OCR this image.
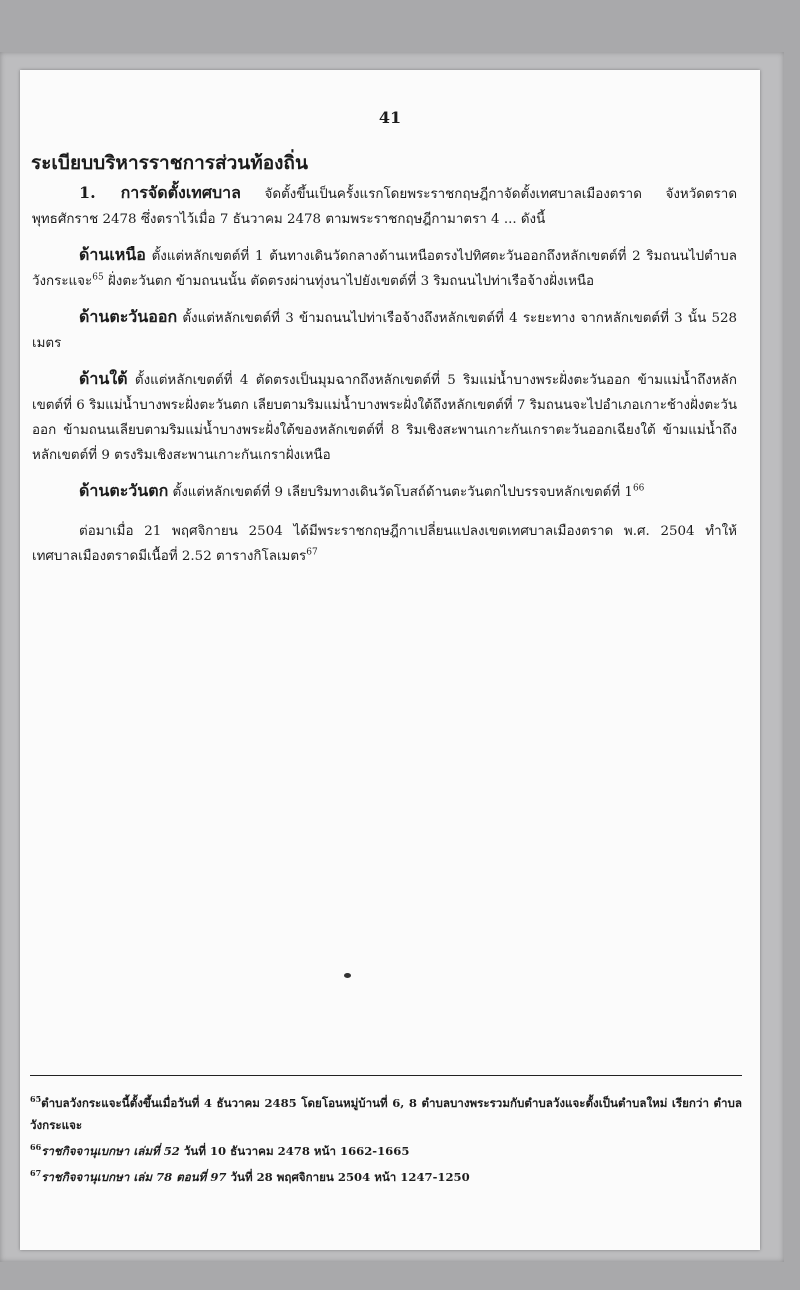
41
ระเบียบบริหารราชการส่วนท้องถิ่น

1. การจัดตั้งเทศบาล จัดตั้งขึ้นเป็นครั้งแรกโดยพระราชกฤษฎีกาจัดตั้งเทศบาลเมืองตราด จังหวัดตราด พุทธศักราช 2478 ซึ่งตราไว้เมื่อ 7 ธันวาคม 2478 ตามพระราชกฤษฎีกามาตรา 4 ... ดังนี้

ด้านเหนือ ตั้งแต่หลักเขตต์ที่ 1 ต้นทางเดินวัดกลางด้านเหนือตรงไปทิศตะวันออกถึงหลักเขตต์ที่ 2 ริมถนนไปตำบลวังกระแจะ$^{65}$ ฝั่งตะวันตก ข้ามถนนนั้น ตัดตรงผ่านทุ่งนาไปยังเขตต์ที่ 3 ริมถนนไปท่าเรือจ้างฝั่งเหนือ

ด้านตะวันออก ตั้งแต่หลักเขตต์ที่ 3 ข้ามถนนไปท่าเรือจ้างถึงหลักเขตต์ที่ 4 ระยะทาง จากหลักเขตต์ที่ 3 นั้น 528 เมตร

ด้านใต้ ตั้งแต่หลักเขตต์ที่ 4 ตัดตรงเป็นมุมฉากถึงหลักเขตต์ที่ 5 ริมแม่น้ำบางพระฝั่งตะวันออก ข้ามแม่น้ำถึงหลักเขตต์ที่ 6 ริมแม่น้ำบางพระฝั่งตะวันตก เลียบตามริมแม่น้ำบางพระฝั่งใต้ถึงหลักเขตต์ที่ 7 ริมถนนจะไปอำเภอเกาะช้างฝั่งตะวันออก ข้ามถนนเลียบตามริมแม่น้ำบางพระฝั่งใต้ของหลักเขตต์ที่ 8 ริมเชิงสะพานเกาะกันเกราตะวันออกเฉียงใต้ ข้ามแม่น้ำถึงหลักเขตต์ที่ 9 ตรงริมเชิงสะพานเกาะกันเกราฝั่งเหนือ

ด้านตะวันตก ตั้งแต่หลักเขตต์ที่ 9 เลียบริมทางเดินวัดโบสถ์ด้านตะวันตกไปบรรจบหลักเขตต์ที่ $1^{66}$

ต่อมาเมื่อ 21 พฤศจิกายน 2504 ได้มีพระราชกฤษฎีกาเปลี่ยนแปลงเขตเทศบาลเมืองตราด พ.ศ. 2504 ทำให้เทศบาลเมืองตราดมีเนื้อที่ 2.52 ตารางกิโลเมตร$^{67}$

$^{65}$ตำบลวังกระแจะนี้ตั้งขึ้นเมื่อวันที่ 4 ธันวาคม 2485 โดยโอนหมู่บ้านที่ 6, 8 ตำบลบางพระรวมกับตำบลวังแจะตั้งเป็นตำบลใหม่ เรียกว่า ตำบลวังกระแจะ

$^{66}$ราชกิจจานุเบกษา เล่มที่ 52 วันที่ 10 ธันวาคม 2478 หน้า 1662-1665

$^{67}$ราชกิจจานุเบกษา เล่ม 78 ตอนที่ 97 วันที่ 28 พฤศจิกายน 2504 หน้า 1247-1250
